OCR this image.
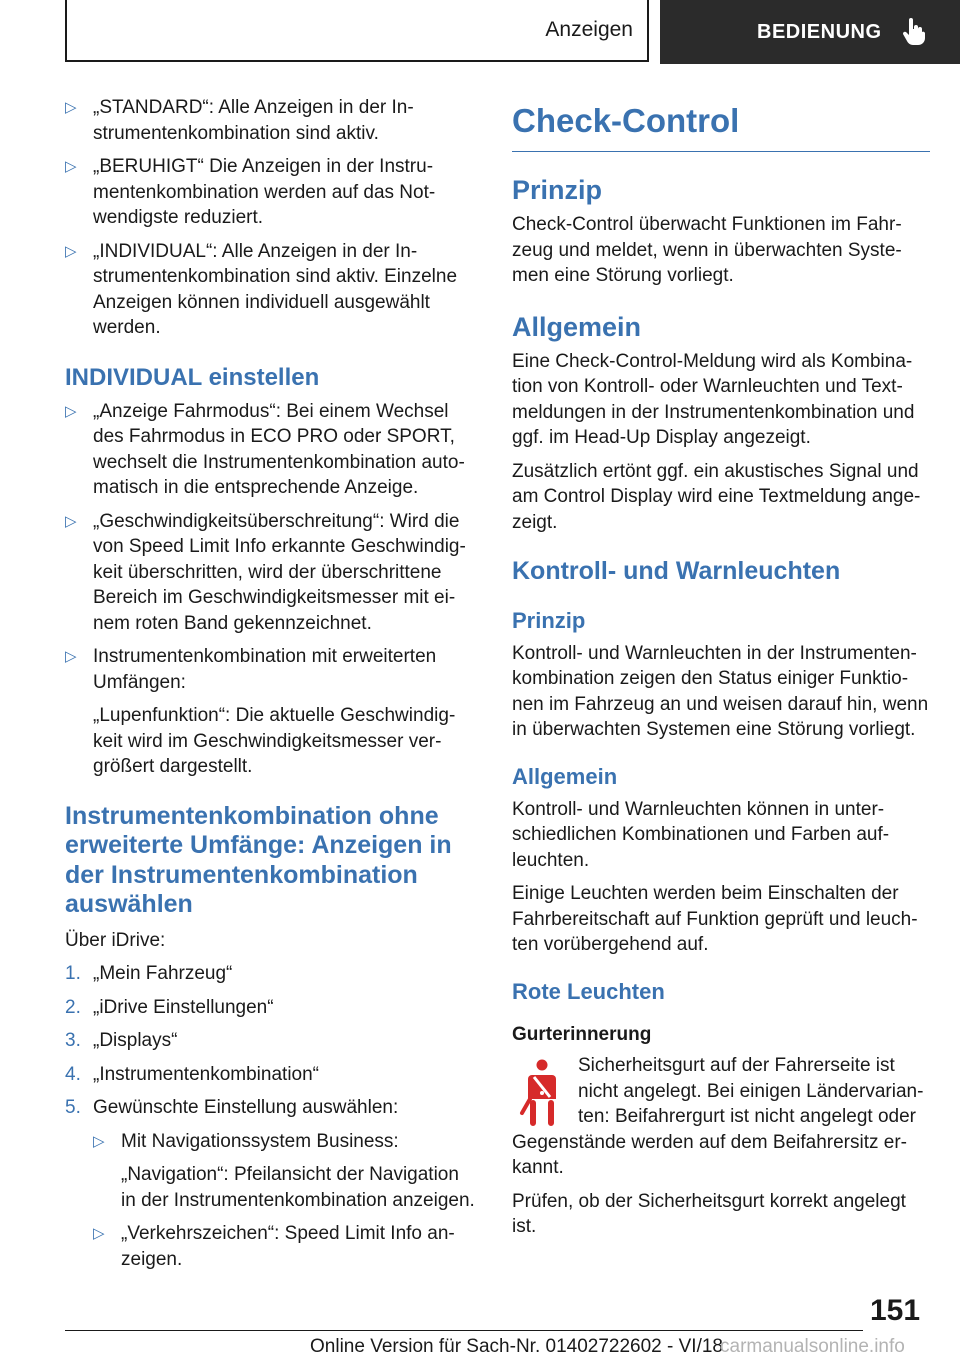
Anzeigen	BEDIENUNG
▷ „STANDARD“: Alle Anzeigen in der Instrumentenkombination sind aktiv.

▷ „BERUHIGT“ Die Anzeigen in der Instrumentenkombination werden auf das Notwendigste reduziert.

▷ „INDIVIDUAL“: Alle Anzeigen in der Instrumentenkombination sind aktiv. Einzelne Anzeigen können individuell ausgewählt werden.

INDIVIDUAL einstellen
▷ „Anzeige Fahrmodus“: Bei einem Wechsel des Fahrmodus in ECO PRO oder SPORT, wechselt die Instrumentenkombination automatisch in die entsprechende Anzeige.

▷ „Geschwindigkeitsüberschreitung“: Wird die von Speed Limit Info erkannte Geschwindigkeit überschritten, wird der überschrittene Bereich im Geschwindigkeitsmesser mit einem roten Band gekennzeichnet.

▷ Instrumentenkombination mit erweiterten Umfängen:

„Lupenfunktion“: Die aktuelle Geschwindigkeit wird im Geschwindigkeitsmesser vergrößert dargestellt.

Instrumentenkombination ohne erweiterte Umfänge: Anzeigen in der Instrumentenkombination auswählen

Über iDrive:

1. „Mein Fahrzeug“

2. „iDrive Einstellungen“

3. „Displays“

4. „Instrumentenkombination“

5. Gewünschte Einstellung auswählen:

▷ Mit Navigationssystem Business:

„Navigation“: Pfeilansicht der Navigation in der Instrumentenkombination anzeigen.

▷ „Verkehrszeichen“: Speed Limit Info anzeigen.

Check-Control
Prinzip

Check-Control überwacht Funktionen im Fahrzeug und meldet, wenn in überwachten Systemen eine Störung vorliegt.

Allgemein

Eine Check-Control-Meldung wird als Kombination von Kontroll- oder Warnleuchten und Textmeldungen in der Instrumentenkombination und ggf. im Head-Up Display angezeigt.

Zusätzlich ertönt ggf. ein akustisches Signal und am Control Display wird eine Textmeldung angezeigt.

Kontroll- und Warnleuchten
Prinzip

Kontroll- und Warnleuchten in der Instrumentenkombination zeigen den Status einiger Funktionen im Fahrzeug an und weisen darauf hin, wenn in überwachten Systemen eine Störung vorliegt.

Allgemein

Kontroll- und Warnleuchten können in unterschiedlichen Kombinationen und Farben aufleuchten.

Einige Leuchten werden beim Einschalten der Fahrbereitschaft auf Funktion geprüft und leuchten vorübergehend auf.

Rote Leuchten

Gurterinnerung

Sicherheitsgurt auf der Fahrerseite ist nicht angelegt. Bei einigen Ländervarianten: Beifahrergurt ist nicht angelegt oder Gegenstände werden auf dem Beifahrersitz erkannt.

Prüfen, ob der Sicherheitsgurt korrekt angelegt ist.

151
Online Version für Sach-Nr. 01402722602 - VI/18
carmanualsonline.info
